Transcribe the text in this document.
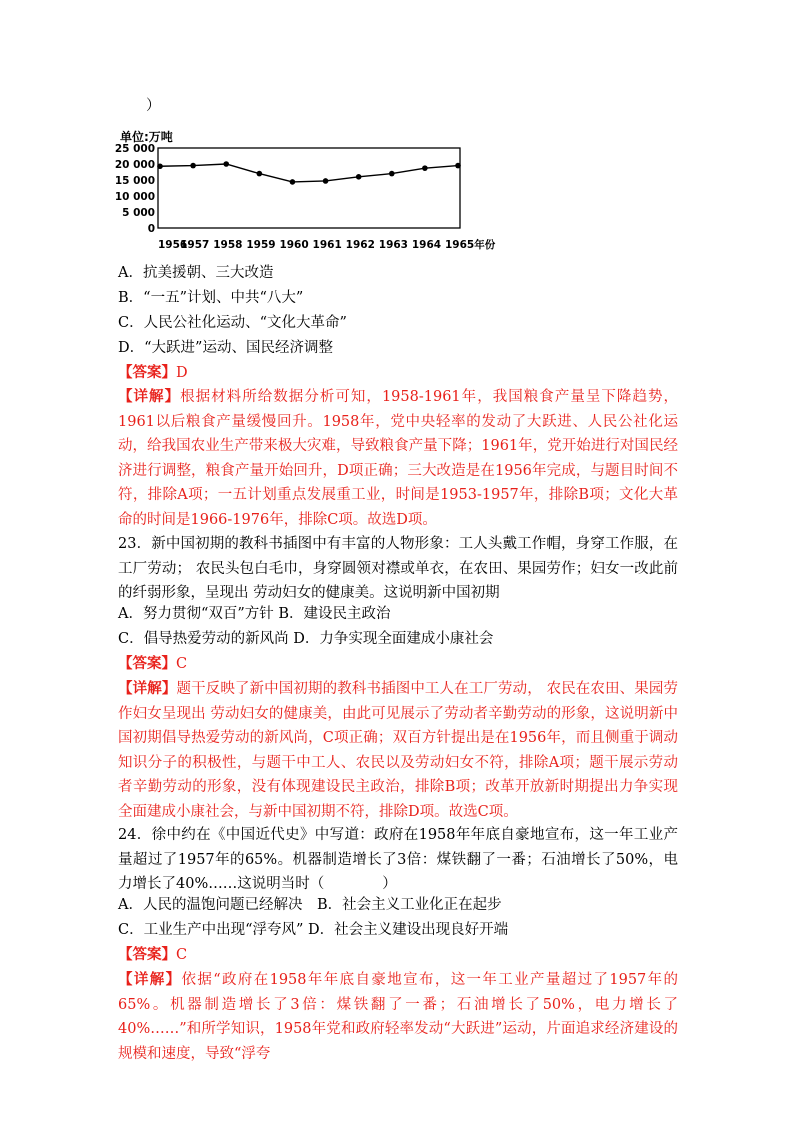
）
单位:万吨
25 000
20 000
15 000
10 000
5 000
0
1956
1957 1958 1959 1960 1961 1962 1963 1964 1965年份
A．抗美援朝、三大改造
B．“一五”计划、中共“八大”
C．人民公社化运动、“文化大革命”
D．“大跃进”运动、国民经济调整
【答案】D
【详解】根据材料所给数据分析可知，1958-1961年，我国粮食产量呈下降趋势，1961以后粮食产量缓慢回升。1958年，党中央轻率的发动了大跃进、人民公社化运动，给我国农业生产带来极大灾难，导致粮食产量下降；1961年，党开始进行对国民经济进行调整，粮食产量开始回升，D项正确；三大改造是在1956年完成，与题目时间不符，排除A项；一五计划重点发展重工业，时间是1953-1957年，排除B项；文化大革命的时间是1966-1976年，排除C项。故选D项。
23．新中国初期的教科书插图中有丰富的人物形象：工人头戴工作帽，身穿工作服，在工厂劳动； 农民头包白毛巾，身穿圆领对襟或单衣，在农田、果园劳作；妇女一改此前的纤弱形象，呈现出 劳动妇女的健康美。这说明新中国初期
A．努力贯彻“双百”方针 B．建设民主政治
C．倡导热爱劳动的新风尚 D．力争实现全面建成小康社会
【答案】C
【详解】题干反映了新中国初期的教科书插图中工人在工厂劳动， 农民在农田、果园劳作妇女呈现出 劳动妇女的健康美，由此可见展示了劳动者辛勤劳动的形象，这说明新中国初期倡导热爱劳动的新风尚，C项正确；双百方针提出是在1956年，而且侧重于调动知识分子的积极性，与题干中工人、农民以及劳动妇女不符，排除A项；题干展示劳动者辛勤劳动的形象，没有体现建设民主政治，排除B项；改革开放新时期提出力争实现全面建成小康社会，与新中国初期不符，排除D项。故选C项。
24．徐中约在《中国近代史》中写道：政府在1958年年底自豪地宣布，这一年工业产量超过了1957年的65%。机器制造增长了3倍：煤铁翻了一番；石油增长了50%，电力增长了40%……这说明当时（　　　　）
A．人民的温饱问题已经解决　B．社会主义工业化正在起步
C．工业生产中出现“浮夸风” D．社会主义建设出现良好开端
【答案】C
【详解】依据“政府在1958年年底自豪地宣布，这一年工业产量超过了1957年的65%。机器制造增长了3倍：煤铁翻了一番；石油增长了50%，电力增长了40%……”和所学知识，1958年党和政府轻率发动“大跃进”运动，片面追求经济建设的规模和速度，导致“浮夸
